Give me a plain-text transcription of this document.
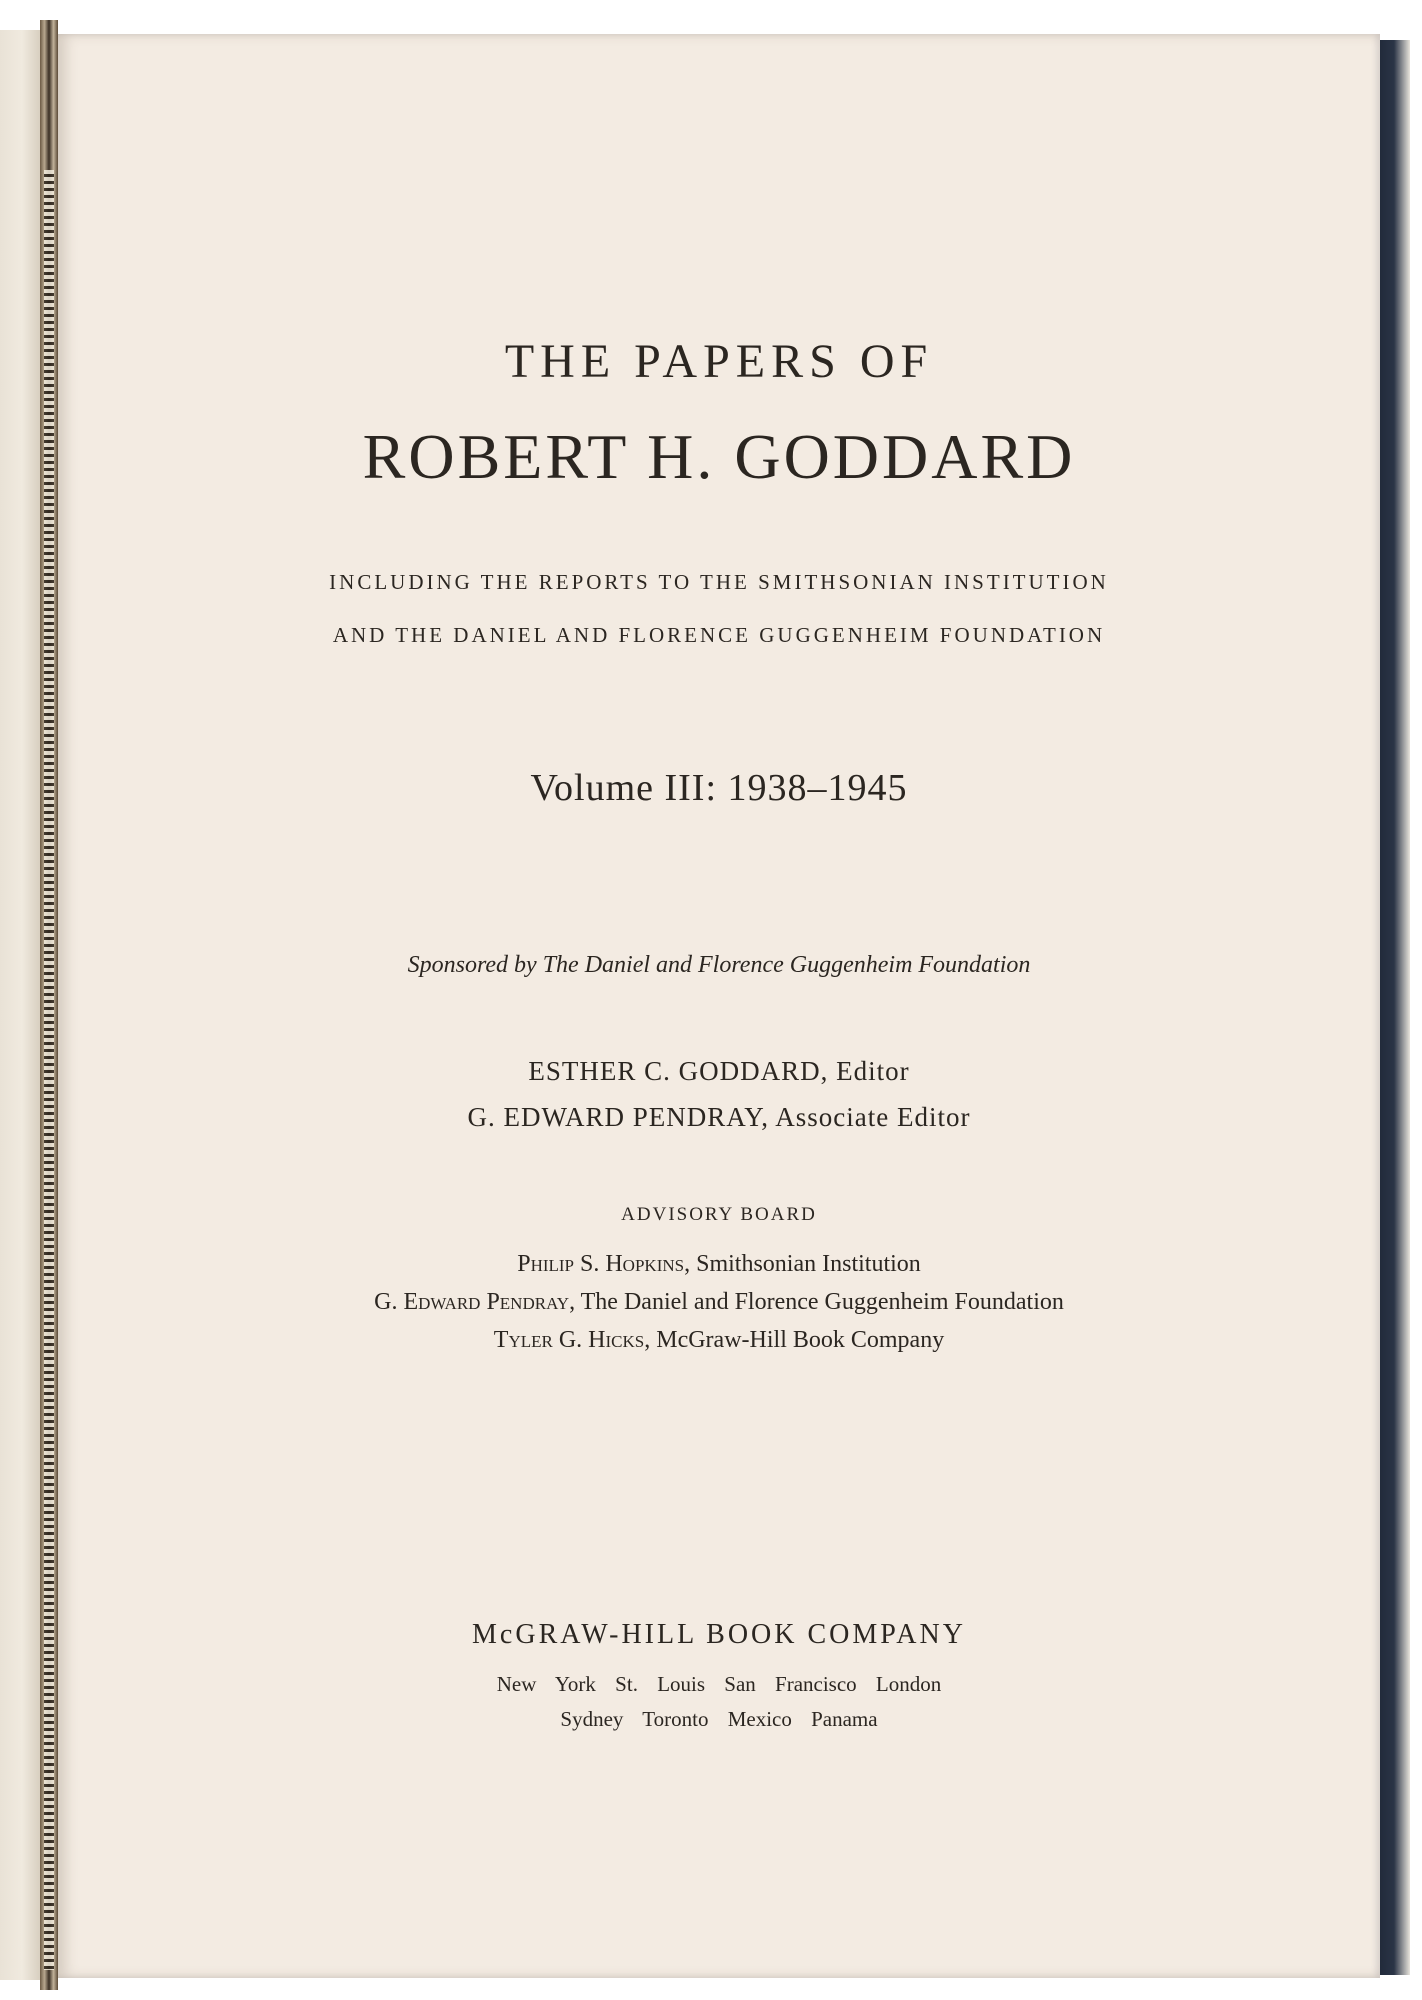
THE PAPERS OF
ROBERT H. GODDARD
INCLUDING THE REPORTS TO THE SMITHSONIAN INSTITUTION
AND THE DANIEL AND FLORENCE GUGGENHEIM FOUNDATION
Volume III: 1938–1945
Sponsored by The Daniel and Florence Guggenheim Foundation
ESTHER C. GODDARD, Editor
G. EDWARD PENDRAY, Associate Editor
ADVISORY BOARD
Philip S. Hopkins, Smithsonian Institution
G. Edward Pendray, The Daniel and Florence Guggenheim Foundation
Tyler G. Hicks, McGraw-Hill Book Company
McGRAW-HILL BOOK COMPANY
New York St. Louis San Francisco London
Sydney Toronto Mexico Panama
